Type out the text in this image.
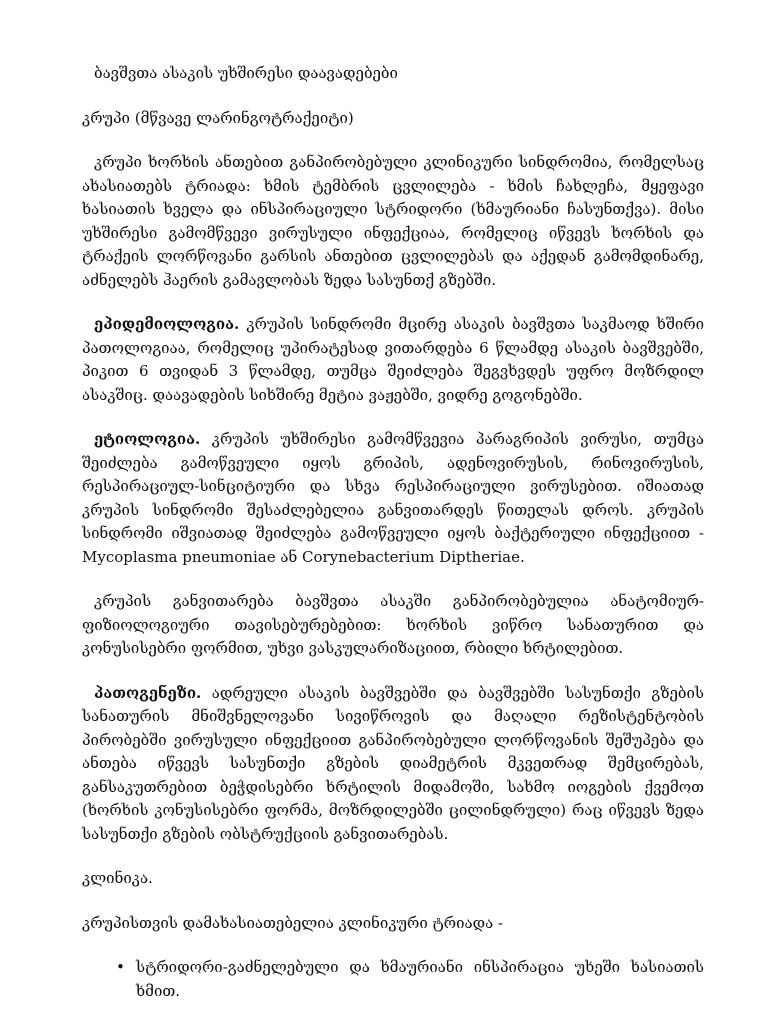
ბავშვთა ასაკის უხშირესი დაავადებები

კრუპი (მწვავე ლარინგოტრაქეიტი)

კრუპი ხორხის ანთებით განპირობებული კლინიკური სინდრომია, რომელსაც ახასიათებს ტრიადა: ხმის ტემბრის ცვლილება - ხმის ჩახლეჩა, მყეფავი ხასიათის ხველა და ინსპირაციული სტრიდორი (ხმაურიანი ჩასუნთქვა). მისი უხშირესი გამომწვევი ვირუსული ინფექციაა, რომელიც იწვევს ხორხის და ტრაქეის ლორწოვანი გარსის ანთებით ცვლილებას და აქედან გამომდინარე, აძნელებს ჰაერის გამავლობას ზედა სასუნთქ გზებში.
ეპიდემიოლოგია. კრუპის სინდრომი მცირე ასაკის ბავშვთა საკმაოდ ხშირი პათოლოგიაა, რომელიც უპირატესად ვითარდება 6 წლამდე ასაკის ბავშვებში, პიკით 6 თვიდან 3 წლამდე, თუმცა შეიძლება შეგვხვდეს უფრო მოზრდილ ასაკშიც. დაავადების სიხშირე მეტია ვაჟებში, ვიდრე გოგონებში.
ეტიოლოგია. კრუპის უხშირესი გამომწვევია პარაგრიპის ვირუსი, თუმცა შეიძლება გამოწვეული იყოს გრიპის, ადენოვირუსის, რინოვირუსის, რესპირაციულ-სინციტიური და სხვა რესპირაციული ვირუსებით. იშიათად კრუპის სინდრომი შესაძლებელია განვითარდეს წითელას დროს. კრუპის სინდრომი იშვიათად შეიძლება გამოწვეული იყოს ბაქტერიული ინფექციით - Mycoplasma pneumoniae ან Corynebacterium Diptheriae.
კრუპის განვითარება ბავშვთა ასაკში განპირობებულია ანატომიურ-ფიზიოლოგიური თავისებურებებით: ხორხის ვიწრო სანათურით და კონუსისებრი ფორმით, უხვი ვასკულარიზაციით, რბილი ხრტილებით.
პათოგენეზი. ადრეული ასაკის ბავშვებში და ბავშვებში სასუნთქი გზების სანათურის მნიშვნელოვანი სივიწროვის და მაღალი რეზისტენტობის პირობებში ვირუსული ინფექციით განპირობებული ლორწოვანის შეშუპება და ანთება იწვევს სასუნთქი გზების დიამეტრის მკვეთრად შემცირებას, განსაკუთრებით ბეჭდისებრი ხრტილის მიდამოში, სახმო იოგების ქვემოთ (ხორხის კონუსისებრი ფორმა, მოზრდილებში ცილინდრული) რაც იწვევს ზედა სასუნთქი გზების ობსტრუქციის განვითარებას.

კლინიკა.

კრუპისთვის დამახასიათებელია კლინიკური ტრიადა -

• სტრიდორი-გაძნელებული და ხმაურიანი ინსპირაცია უხეში ხასიათის ხმით.
